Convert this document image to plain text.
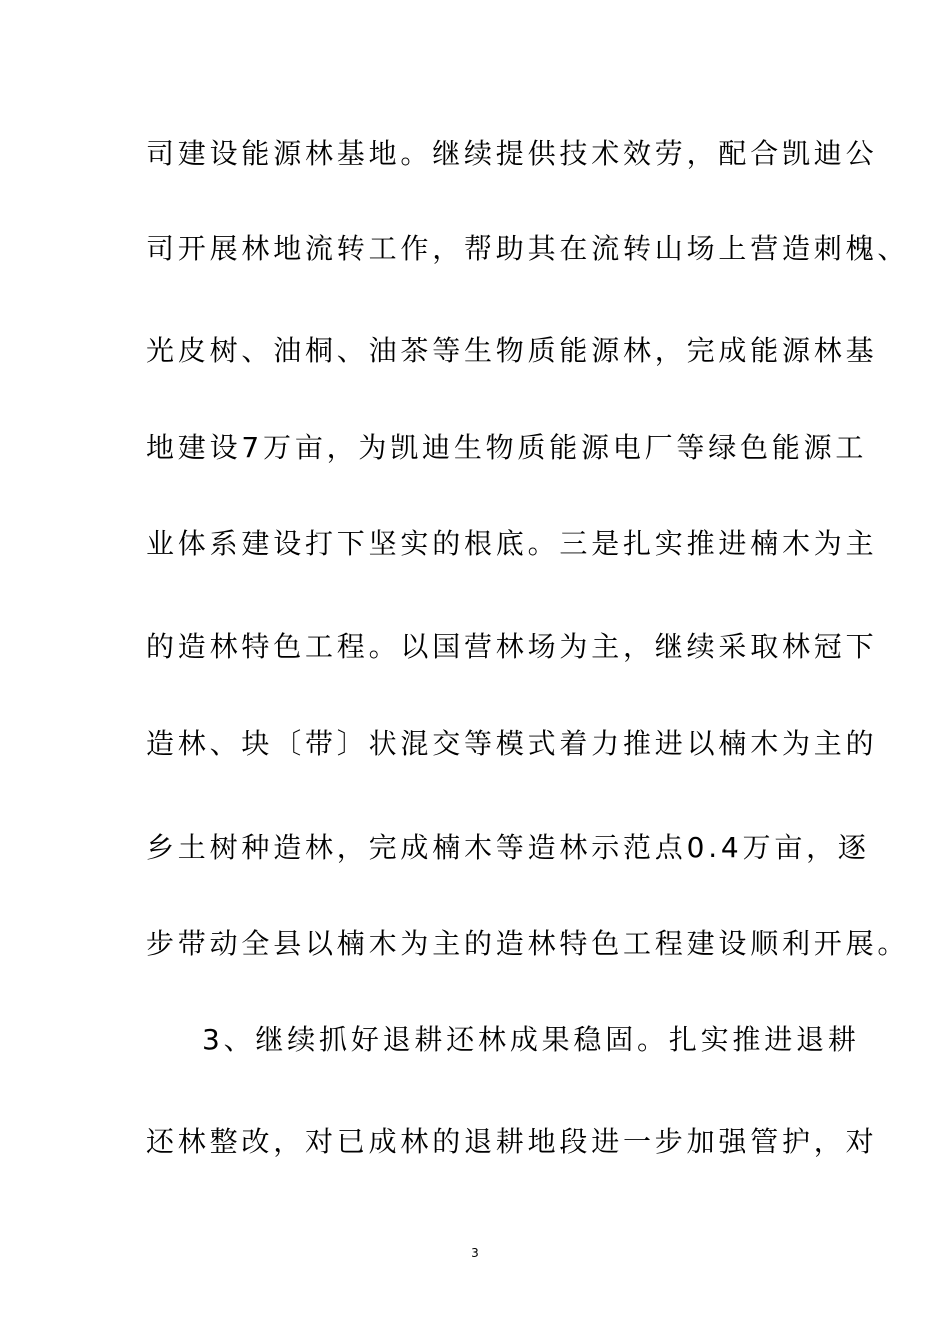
司建设能源林基地。继续提供技术效劳，配合凯迪公
司开展林地流转工作，帮助其在流转山场上营造刺槐、
光皮树、油桐、油茶等生物质能源林，完成能源林基
地建设7万亩，为凯迪生物质能源电厂等绿色能源工
业体系建设打下坚实的根底。三是扎实推进楠木为主
的造林特色工程。以国营林场为主，继续采取林冠下
造林、块〔带〕状混交等模式着力推进以楠木为主的
乡土树种造林，完成楠木等造林示范点0.4万亩，逐
步带动全县以楠木为主的造林特色工程建设顺利开展。
3、继续抓好退耕还林成果稳固。扎实推进退耕
还林整改，对已成林的退耕地段进一步加强管护，对
3
